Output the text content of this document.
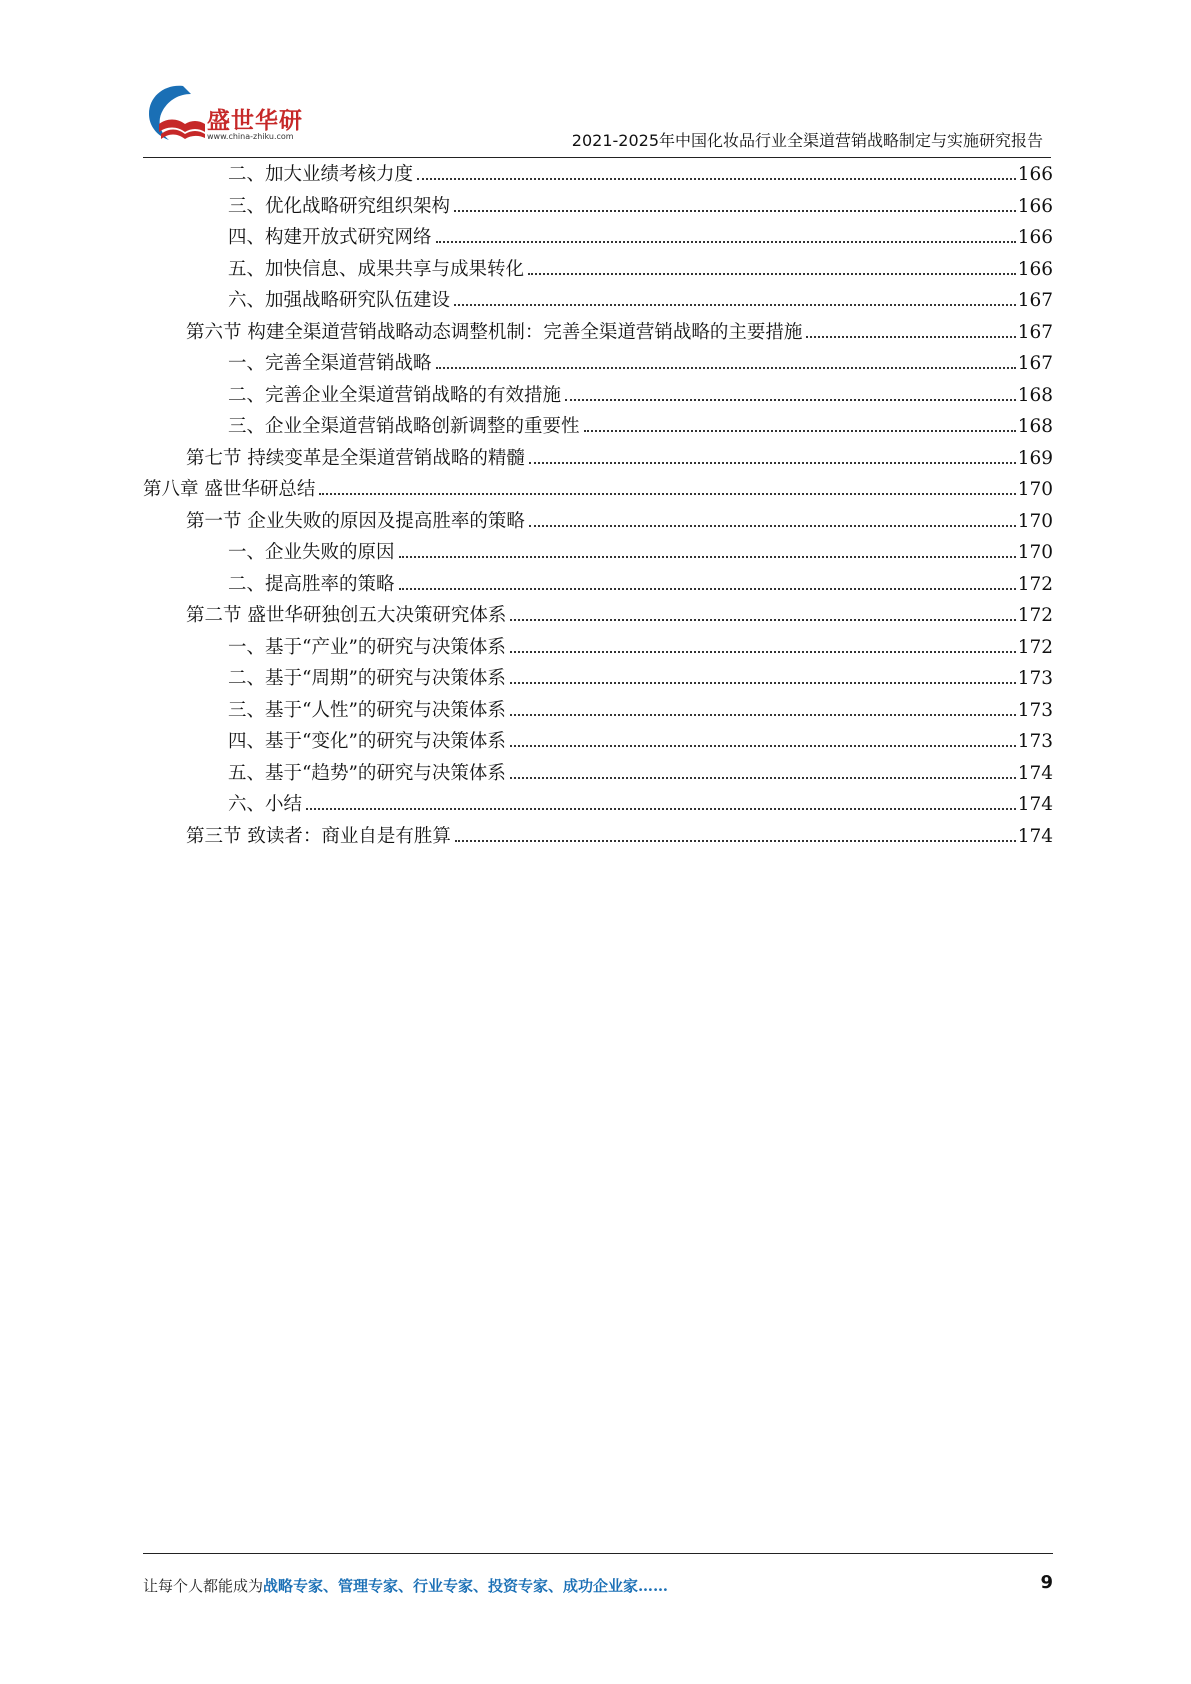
盛世华研
www.china-zhiku.com	2021-2025年中国化妆品行业全渠道营销战略制定与实施研究报告
二、加大业绩考核力度	166
三、优化战略研究组织架构	166
四、构建开放式研究网络	166
五、加快信息、成果共享与成果转化	166
六、加强战略研究队伍建设	167
第六节 构建全渠道营销战略动态调整机制：完善全渠道营销战略的主要措施	167
一、完善全渠道营销战略	167
二、完善企业全渠道营销战略的有效措施	168
三、企业全渠道营销战略创新调整的重要性	168
第七节 持续变革是全渠道营销战略的精髓	169
第八章 盛世华研总结	170
第一节 企业失败的原因及提高胜率的策略	170
一、企业失败的原因	170
二、提高胜率的策略	172
第二节 盛世华研独创五大决策研究体系	172
一、基于“产业”的研究与决策体系	172
二、基于“周期”的研究与决策体系	173
三、基于“人性”的研究与决策体系	173
四、基于“变化”的研究与决策体系	173
五、基于“趋势”的研究与决策体系	174
六、小结	174
第三节 致读者：商业自是有胜算	174
让每个人都能成为战略专家、管理专家、行业专家、投资专家、成功企业家……	9
